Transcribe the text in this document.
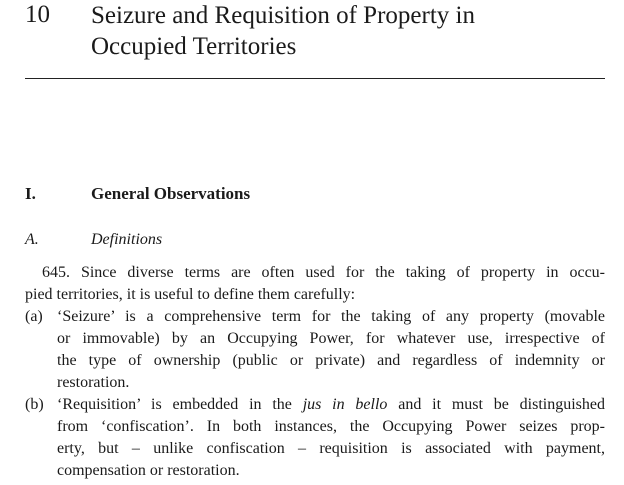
10 Seizure and Requisition of Property in
Occupied Territories
I.	General Observations
A.	Definitions

645. Since diverse terms are often used for the taking of property in occu-
pied territories, it is useful to define them carefully:

(a) ‘Seizure’ is a comprehensive term for the taking of any property (movable
or immovable) by an Occupying Power, for whatever use, irrespective of
the type of ownership (public or private) and regardless of indemnity or
restoration.
(b) ‘Requisition’ is embedded in the jus in bello and it must be distinguished
from ‘confiscation’. In both instances, the Occupying Power seizes prop-
erty, but – unlike confiscation – requisition is associated with payment,
compensation or restoration.
